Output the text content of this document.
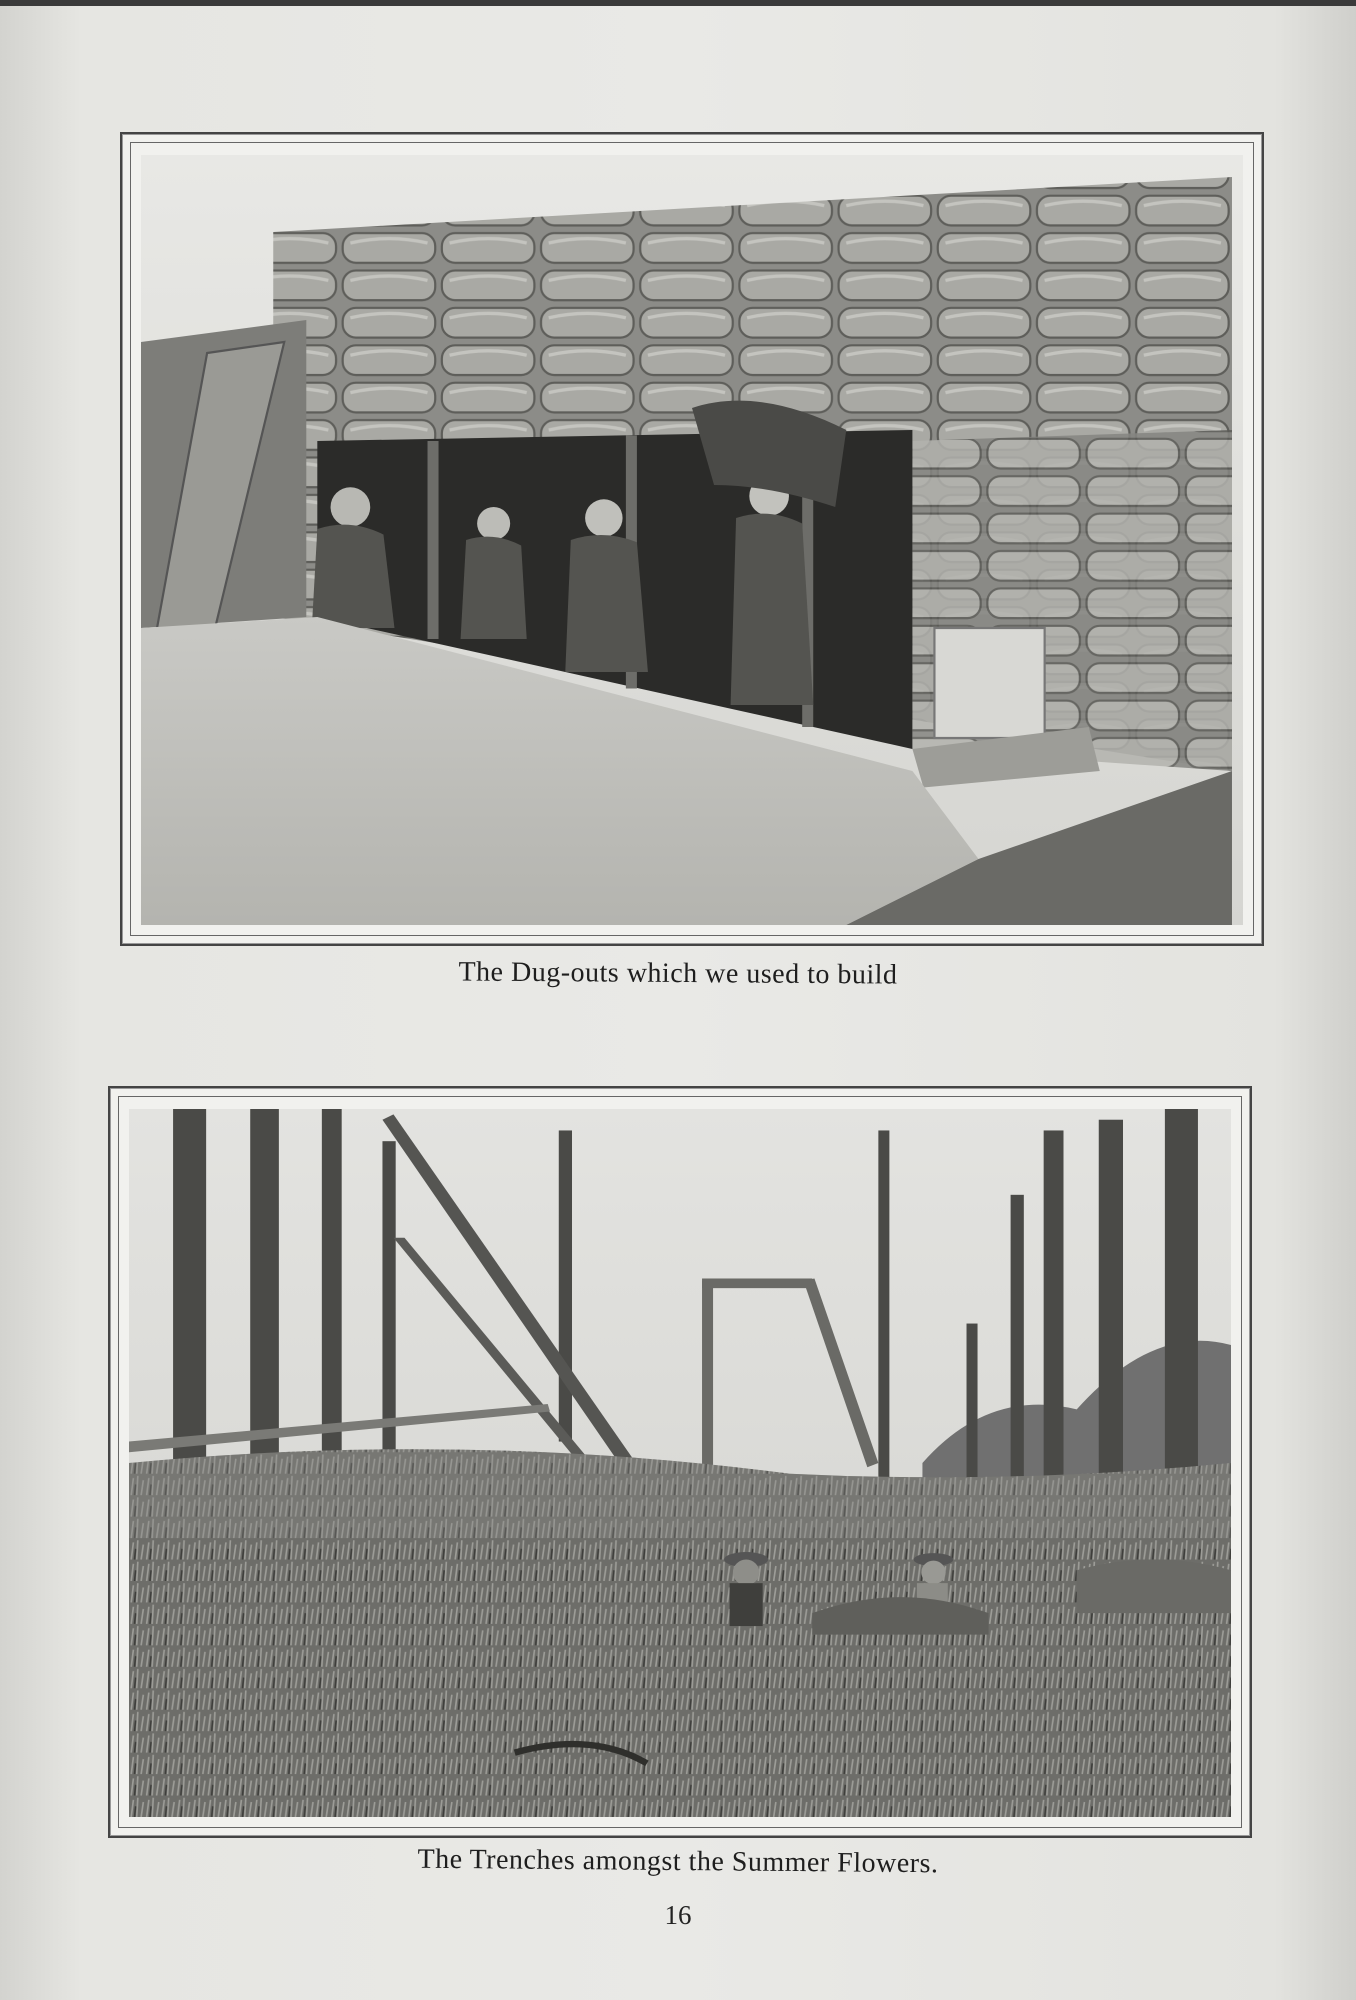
The Dug-outs which we used to build
The Trenches amongst the Summer Flowers.
16
